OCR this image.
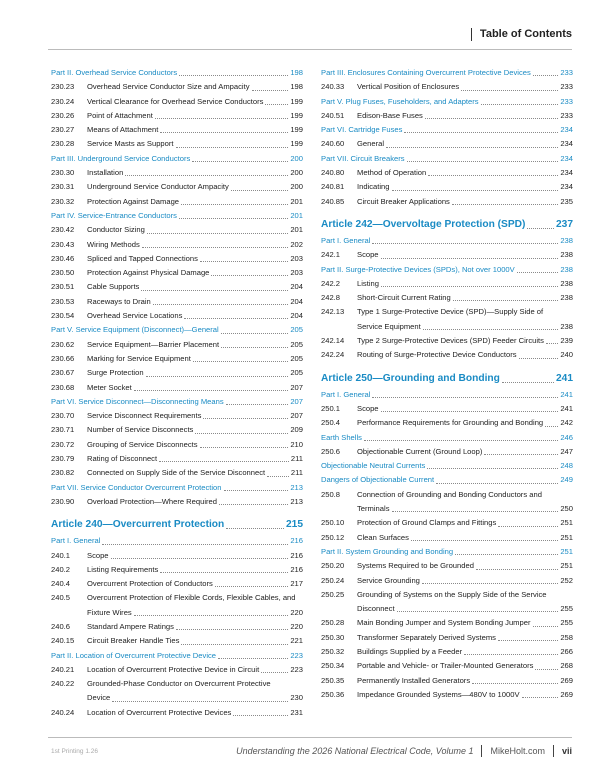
Table of Contents
Part II. Overhead Service Conductors	198
230.23	Overhead Service Conductor Size and Ampacity	198
230.24	Vertical Clearance for Overhead Service Conductors	199
230.26	Point of Attachment	199
230.27	Means of Attachment	199
230.28	Service Masts as Support	199
Part III. Underground Service Conductors	200
230.30	Installation	200
230.31	Underground Service Conductor Ampacity	200
230.32	Protection Against Damage	201
Part IV. Service-Entrance Conductors	201
230.42	Conductor Sizing	201
230.43	Wiring Methods	202
230.46	Spliced and Tapped Connections	203
230.50	Protection Against Physical Damage	203
230.51	Cable Supports	204
230.53	Raceways to Drain	204
230.54	Overhead Service Locations	204
Part V. Service Equipment (Disconnect)—General	205
230.62	Service Equipment—Barrier Placement	205
230.66	Marking for Service Equipment	205
230.67	Surge Protection	205
230.68	Meter Socket	207
Part VI. Service Disconnect—Disconnecting Means	207
230.70	Service Disconnect Requirements	207
230.71	Number of Service Disconnects	209
230.72	Grouping of Service Disconnects	210
230.79	Rating of Disconnect	211
230.82	Connected on Supply Side of the Service Disconnect	211
Part VII. Service Conductor Overcurrent Protection	213
230.90	Overload Protection—Where Required	213
Article 240—Overcurrent Protection	215
Part I. General	216
240.1	Scope	216
240.2	Listing Requirements	216
240.4	Overcurrent Protection of Conductors	217
240.5	Overcurrent Protection of Flexible Cords, Flexible Cables, and
Fixture Wires	220
240.6	Standard Ampere Ratings	220
240.15	Circuit Breaker Handle Ties	221
Part II. Location of Overcurrent Protective Device	223
240.21	Location of Overcurrent Protective Device in Circuit	223
240.22	Grounded-Phase Conductor on Overcurrent Protective
Device	230
240.24	Location of Overcurrent Protective Devices	231
Part III. Enclosures Containing Overcurrent Protective Devices	233
240.33	Vertical Position of Enclosures	233
Part V. Plug Fuses, Fuseholders, and Adapters	233
240.51	Edison-Base Fuses	233
Part VI. Cartridge Fuses	234
240.60	General	234
Part VII. Circuit Breakers	234
240.80	Method of Operation	234
240.81	Indicating	234
240.85	Circuit Breaker Applications	235
Article 242—Overvoltage Protection (SPD)	237
Part I. General	238
242.1	Scope	238
Part II. Surge-Protective Devices (SPDs), Not over 1000V	238
242.2	Listing	238
242.8	Short-Circuit Current Rating	238
242.13	Type 1 Surge-Protective Device (SPD)—Supply Side of
Service Equipment	238
242.14	Type 2 Surge-Protective Devices (SPD) Feeder Circuits 239
242.24	Routing of Surge-Protective Device Conductors	240
Article 250—Grounding and Bonding	241
Part I. General	241
250.1	Scope	241
250.4	Performance Requirements for Grounding and Bonding 242
Earth Shells	246
250.6	Objectionable Current (Ground Loop)	247
Objectionable Neutral Currents	248
Dangers of Objectionable Current	249
250.8	Connection of Grounding and Bonding Conductors and
Terminals	250
250.10	Protection of Ground Clamps and Fittings	251
250.12	Clean Surfaces	251
Part II. System Grounding and Bonding	251
250.20	Systems Required to be Grounded	251
250.24	Service Grounding	252
250.25	Grounding of Systems on the Supply Side of the Service
Disconnect	255
250.28	Main Bonding Jumper and System Bonding Jumper	255
250.30	Transformer Separately Derived Systems	258
250.32	Buildings Supplied by a Feeder	266
250.34	Portable and Vehicle- or Trailer-Mounted Generators	268
250.35	Permanently Installed Generators	269
250.36	Impedance Grounded Systems—480V to 1000V	269
1st Printing 1.26	Understanding the 2026 National Electrical Code, Volume 1 MikeHolt.com vii
